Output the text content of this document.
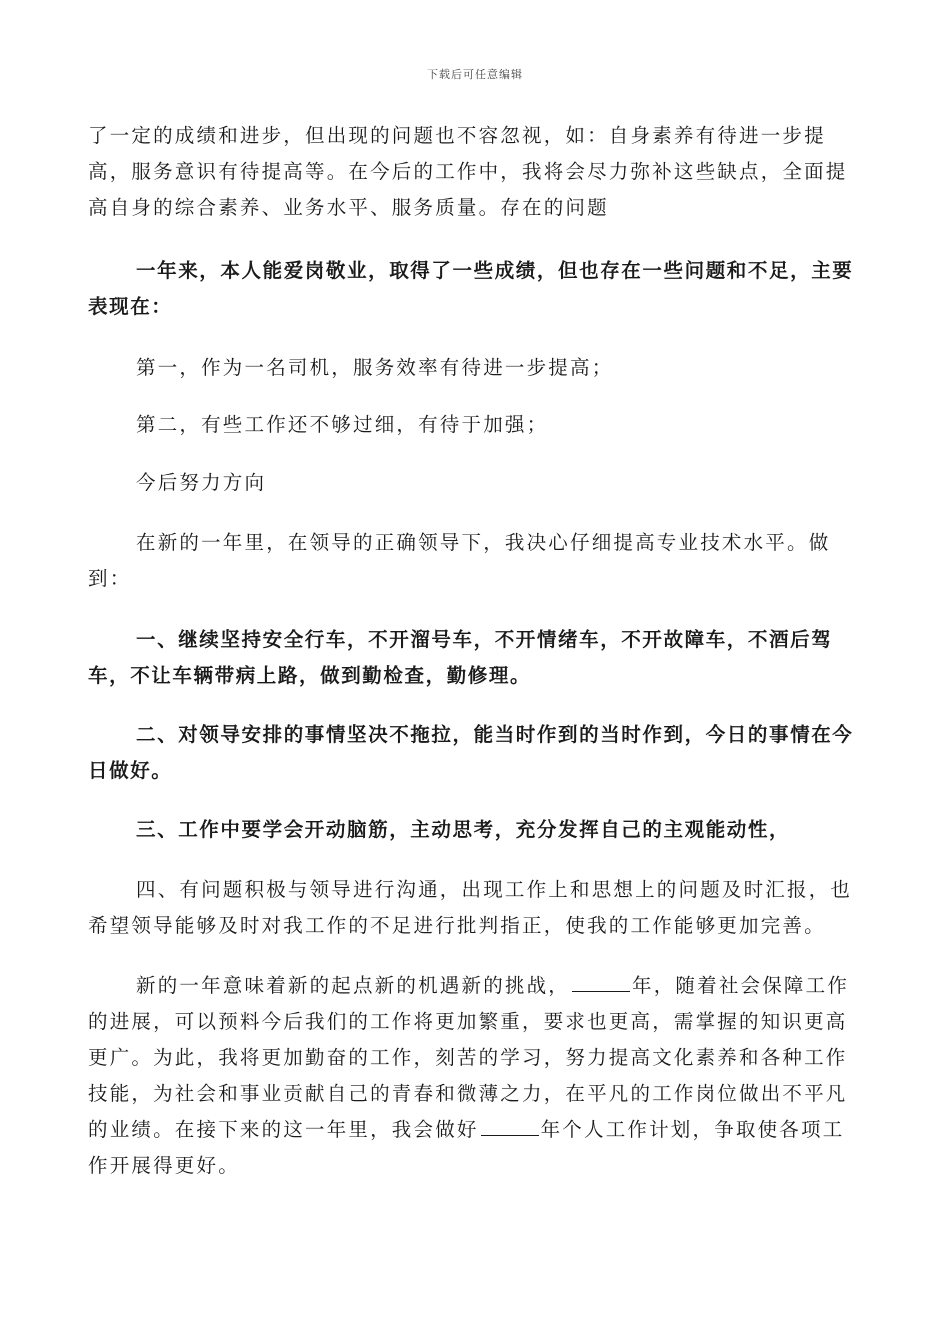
下载后可任意编辑

了一定的成绩和进步，但出现的问题也不容忽视，如：自身素养有待进一步提高，服务意识有待提高等。在今后的工作中，我将会尽力弥补这些缺点，全面提高自身的综合素养、业务水平、服务质量。存在的问题

一年来，本人能爱岗敬业，取得了一些成绩，但也存在一些问题和不足，主要表现在：

第一，作为一名司机，服务效率有待进一步提高；

第二，有些工作还不够过细，有待于加强；

今后努力方向

在新的一年里，在领导的正确领导下，我决心仔细提高专业技术水平。做到：

一、继续坚持安全行车，不开溜号车，不开情绪车，不开故障车，不酒后驾车，不让车辆带病上路，做到勤检查，勤修理。

二、对领导安排的事情坚决不拖拉，能当时作到的当时作到，今日的事情在今日做好。

三、工作中要学会开动脑筋，主动思考，充分发挥自己的主观能动性，

四、有问题积极与领导进行沟通，出现工作上和思想上的问题及时汇报，也希望领导能够及时对我工作的不足进行批判指正，使我的工作能够更加完善。

新的一年意味着新的起点新的机遇新的挑战，	年，随着社会保障工作的进展，可以预料今后我们的工作将更加繁重，要求也更高，需掌握的知识更高更广。为此，我将更加勤奋的工作，刻苦的学习，努力提高文化素养和各种工作技能，为社会和事业贡献自己的青春和微薄之力，在平凡的工作岗位做出不平凡的业绩。在接下来的这一年里，我会做好	年个人工作计划，争取使各项工作开展得更好。
